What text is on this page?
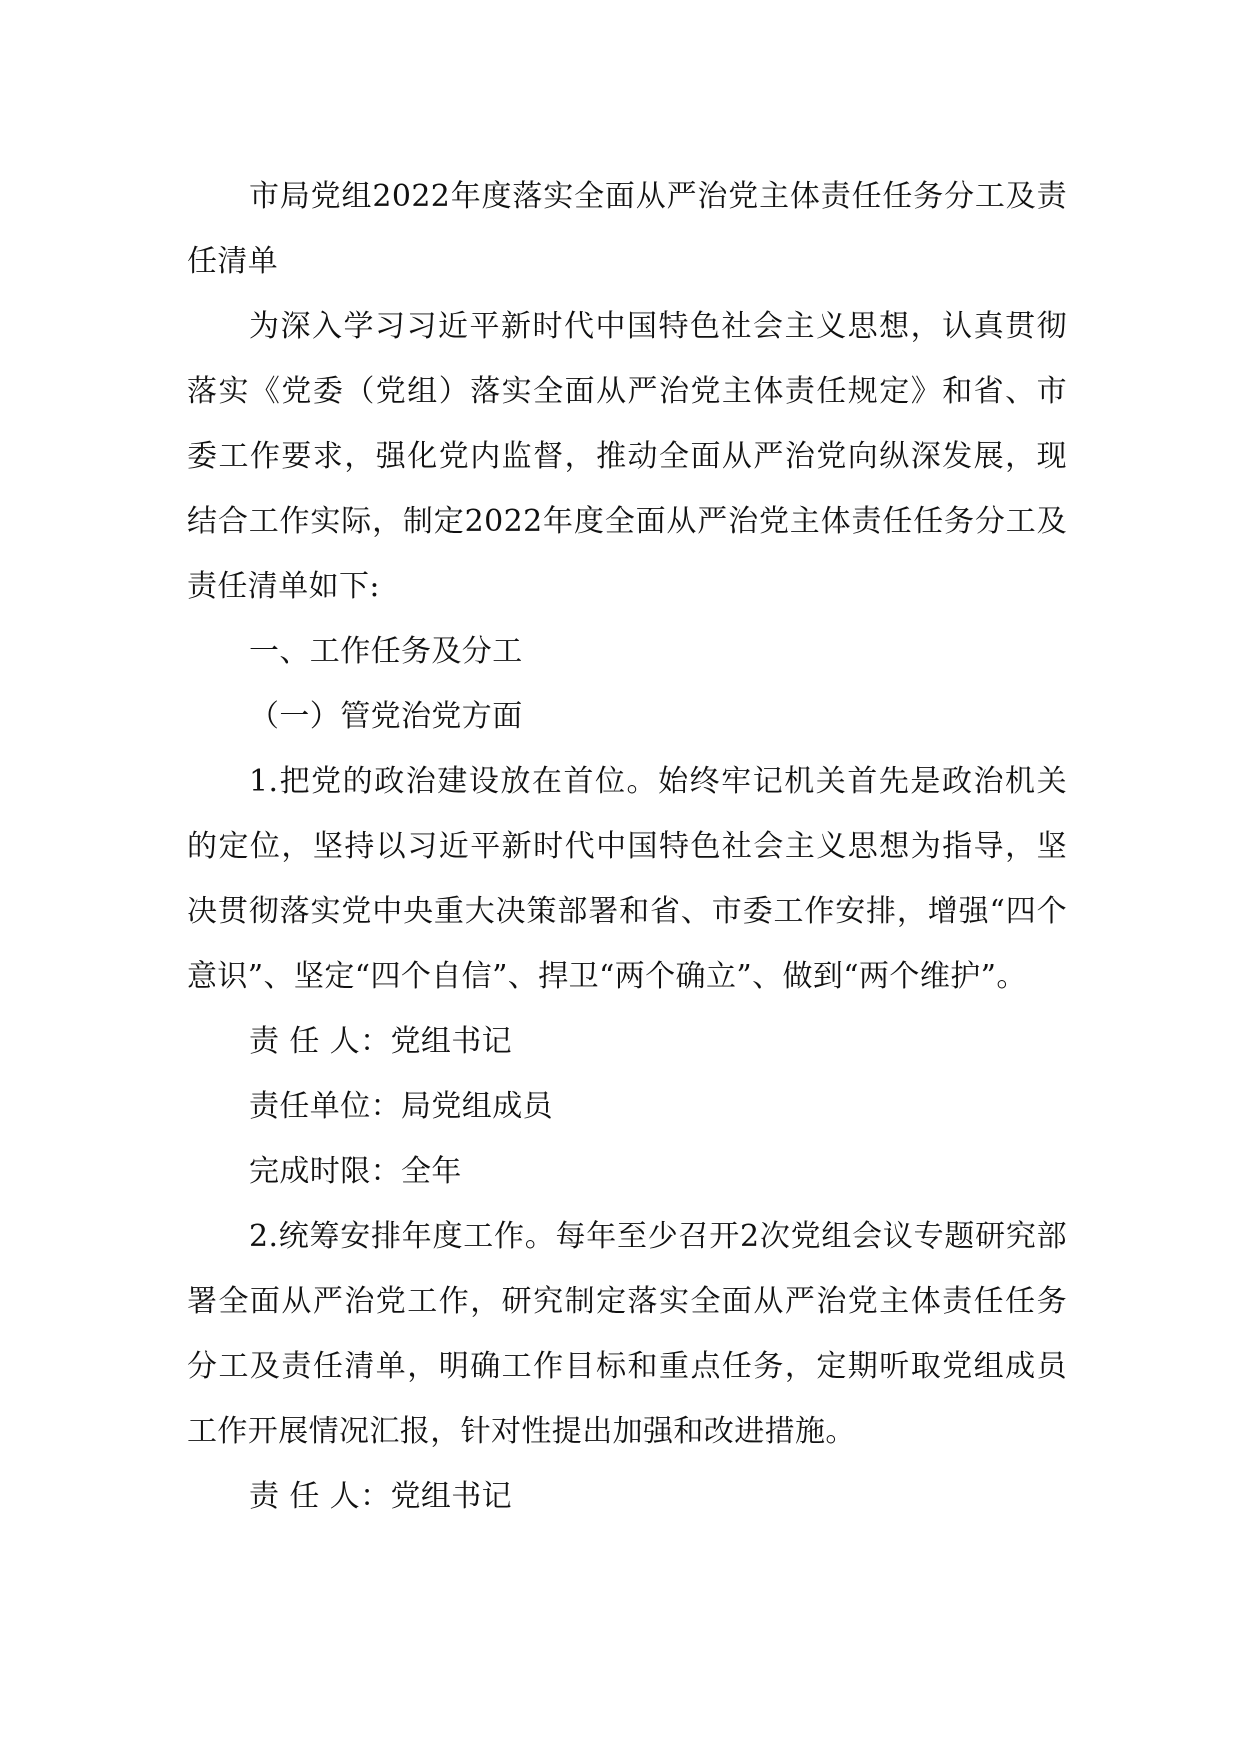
市局党组2022年度落实全面从严治党主体责任任务分工及责任清单

为深入学习习近平新时代中国特色社会主义思想，认真贯彻落实《党委（党组）落实全面从严治党主体责任规定》和省、市委工作要求，强化党内监督，推动全面从严治党向纵深发展，现结合工作实际，制定2022年度全面从严治党主体责任任务分工及责任清单如下:

一、工作任务及分工

（一）管党治党方面

1.把党的政治建设放在首位。始终牢记机关首先是政治机关的定位，坚持以习近平新时代中国特色社会主义思想为指导，坚决贯彻落实党中央重大决策部署和省、市委工作安排，增强“四个意识”、坚定“四个自信”、捍卫“两个确立”、做到“两个维护”。

责 任 人：党组书记

责任单位：局党组成员

完成时限：全年

2.统筹安排年度工作。每年至少召开2次党组会议专题研究部署全面从严治党工作，研究制定落实全面从严治党主体责任任务分工及责任清单，明确工作目标和重点任务，定期听取党组成员工作开展情况汇报，针对性提出加强和改进措施。

责 任 人：党组书记
